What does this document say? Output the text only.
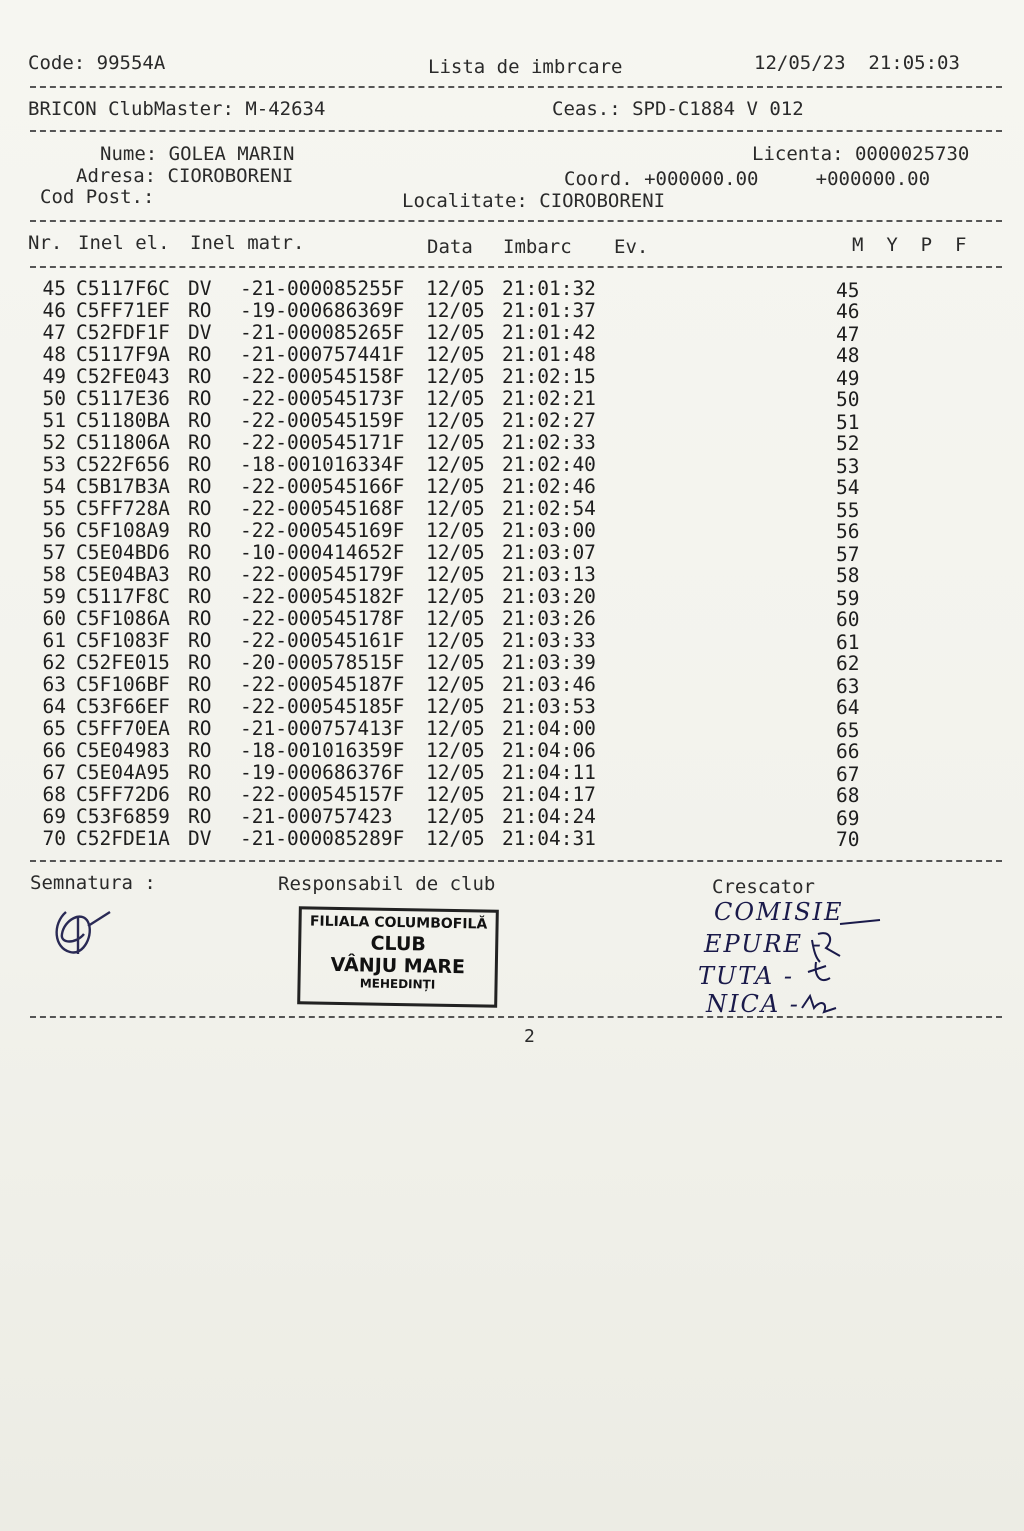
Code: 99554A	Lista de imbrcare	12/05/23  21:05:03
BRICON ClubMaster: M-42634	Ceas.: SPD-C1884 V 012
Nume: GOLEA MARIN	Licenta: 0000025730
Adresa: CIOROBORENI	Coord. +000000.00     +000000.00
Cod Post.:	Localitate: CIOROBORENI
Nr. Inel el. Inel matr.	Data Imbarc Ev.	M  Y  P  F
45 C5117F6C DV -21-000085255F 12/05 21:01:32	45
46 C5FF71EF RO -19-000686369F 12/05 21:01:37	46
47 C52FDF1F DV -21-000085265F 12/05 21:01:42	47
48 C5117F9A RO -21-000757441F 12/05 21:01:48	48
49 C52FE043 RO -22-000545158F 12/05 21:02:15	49
50 C5117E36 RO -22-000545173F 12/05 21:02:21	50
51 C51180BA RO -22-000545159F 12/05 21:02:27	51
52 C511806A RO -22-000545171F 12/05 21:02:33	52
53 C522F656 RO -18-001016334F 12/05 21:02:40	53
54 C5B17B3A RO -22-000545166F 12/05 21:02:46	54
55 C5FF728A RO -22-000545168F 12/05 21:02:54	55
56 C5F108A9 RO -22-000545169F 12/05 21:03:00	56
57 C5E04BD6 RO -10-000414652F 12/05 21:03:07	57
58 C5E04BA3 RO -22-000545179F 12/05 21:03:13	58
59 C5117F8C RO -22-000545182F 12/05 21:03:20	59
60 C5F1086A RO -22-000545178F 12/05 21:03:26	60
61 C5F1083F RO -22-000545161F 12/05 21:03:33	61
62 C52FE015 RO -20-000578515F 12/05 21:03:39	62
63 C5F106BF RO -22-000545187F 12/05 21:03:46	63
64 C53F66EF RO -22-000545185F 12/05 21:03:53	64
65 C5FF70EA RO -21-000757413F 12/05 21:04:00	65
66 C5E04983 RO -18-001016359F 12/05 21:04:06	66
67 C5E04A95 RO -19-000686376F 12/05 21:04:11	67
68 C5FF72D6 RO -22-000545157F 12/05 21:04:17	68
69 C53F6859 RO -21-000757423 12/05 21:04:24	69
70 C52FDE1A DV -21-000085289F 12/05 21:04:31	70
Semnatura :	Responsabil de club	Crescator
FILIALA COLUMBOFILĂ
CLUB
VÂNJU MARE
MEHEDINȚI
COMISIE
EPURE -
TUTA -
NICA -
2
